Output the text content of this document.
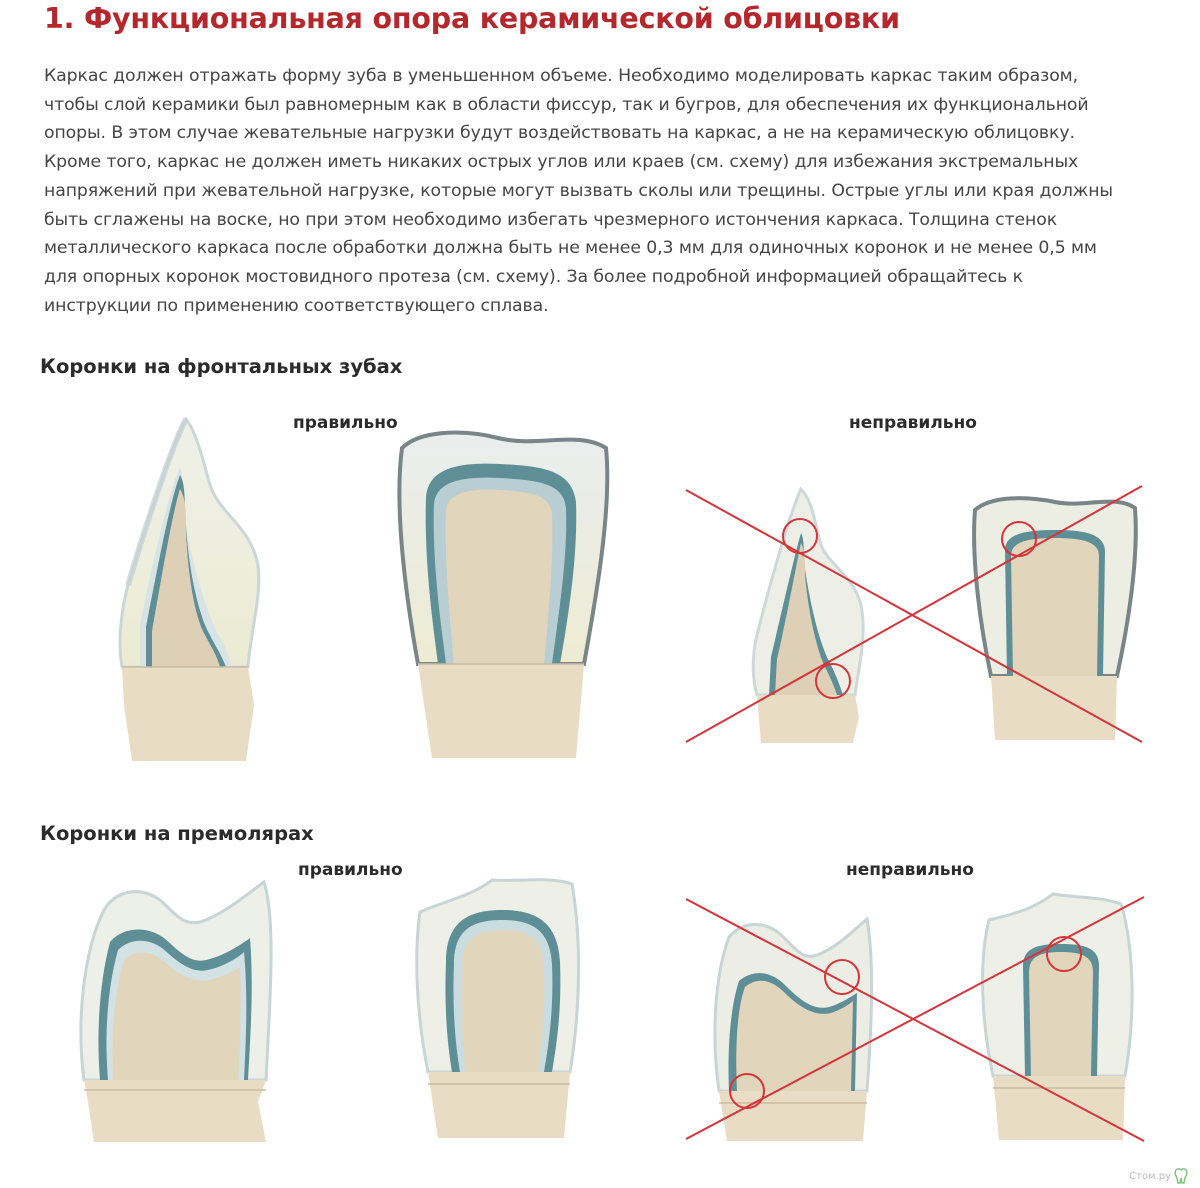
1. Функциональная опора керамической облицовки
Каркас должен отражать форму зуба в уменьшенном объеме. Необходимо моделировать каркас таким образом,
чтобы слой керамики был равномерным как в области фиссур, так и бугров, для обеспечения их функциональной
опоры. В этом случае жевательные нагрузки будут воздействовать на каркас, а не на керамическую облицовку.
Кроме того, каркас не должен иметь никаких острых углов или краев (см. схему) для избежания экстремальных
напряжений при жевательной нагрузке, которые могут вызвать сколы или трещины. Острые углы или края должны
быть сглажены на воске, но при этом необходимо избегать чрезмерного истончения каркаса. Толщина стенок
металлического каркаса после обработки должна быть не менее 0,3 мм для одиночных коронок и не менее 0,5 мм
для опорных коронок мостовидного протеза (см. схему). За более подробной информацией обращайтесь к
инструкции по применению соответствующего сплава.
Коронки на фронтальных зубах
правильно	неправильно
Коронки на премолярах
правильно	неправильно
Стом.ру
